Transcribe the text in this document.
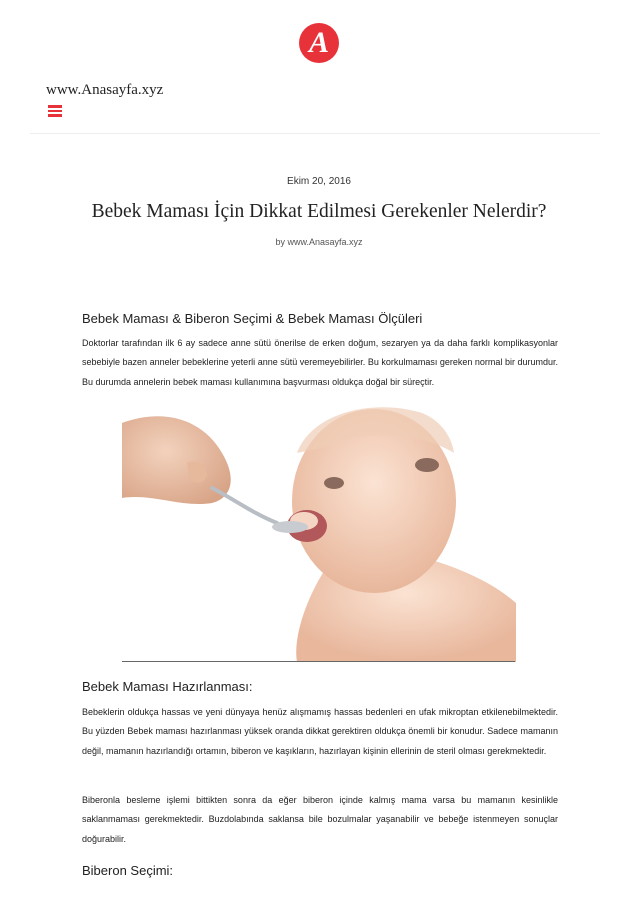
A
www.Anasayfa.xyz
Ekim 20, 2016
Bebek Maması İçin Dikkat Edilmesi Gerekenler Nelerdir?
by www.Anasayfa.xyz
Bebek Maması & Biberon Seçimi & Bebek Maması Ölçüleri

Doktorlar tarafından ilk 6 ay sadece anne sütü önerilse de erken doğum, sezaryen ya da daha farklı komplikasyonlar sebebiyle bazen anneler bebeklerine yeterli anne sütü veremeyebilirler. Bu korkulmaması gereken normal bir durumdur. Bu durumda annelerin bebek maması kullanımına başvurması oldukça doğal bir süreçtir.

Bebek Maması Hazırlanması:

Bebeklerin oldukça hassas ve yeni dünyaya henüz alışmamış hassas bedenleri en ufak mikroptan etkilenebilmektedir. Bu yüzden Bebek maması hazırlanması yüksek oranda dikkat gerektiren oldukça önemli bir konudur. Sadece mamanın değil, mamanın hazırlandığı ortamın, biberon ve kaşıkların, hazırlayan kişinin ellerinin de steril olması gerekmektedir.

Biberonla besleme işlemi bittikten sonra da eğer biberon içinde kalmış mama varsa bu mamanın kesinlikle saklanmaması gerekmektedir. Buzdolabında saklansa bile bozulmalar yaşanabilir ve bebeğe istenmeyen sonuçlar doğurabilir.

Biberon Seçimi:
